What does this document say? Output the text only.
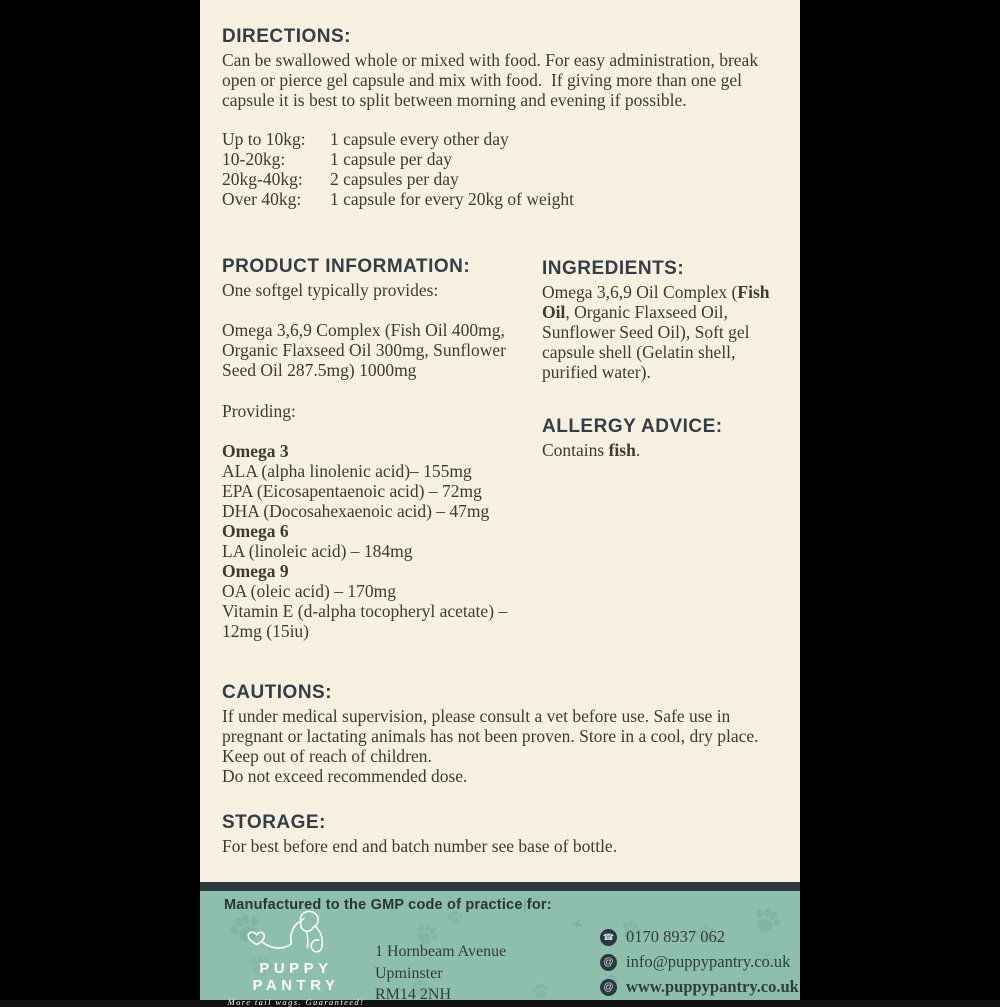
DIRECTIONS:

Can be swallowed whole or mixed with food. For easy administration, break open or pierce gel capsule and mix with food.  If giving more than one gel capsule it is best to split between morning and evening if possible.

Up to 10kg:	1 capsule every other day
10-20kg:	1 capsule per day
20kg-40kg:	2 capsules per day
Over 40kg:	1 capsule for every 20kg of weight
PRODUCT INFORMATION:

One softgel typically provides:

Omega 3,6,9 Complex (Fish Oil 400mg, Organic Flaxseed Oil 300mg, Sunflower Seed Oil 287.5mg) 1000mg

Providing:

Omega 3
ALA (alpha linolenic acid)– 155mg
EPA (Eicosapentaenoic acid) – 72mg
DHA (Docosahexaenoic acid) – 47mg
Omega 6
LA (linoleic acid) – 184mg
Omega 9
OA (oleic acid) – 170mg
Vitamin E (d-alpha tocopheryl acetate) – 12mg (15iu)
INGREDIENTS:

Omega 3,6,9 Oil Complex (Fish Oil, Organic Flaxseed Oil, Sunflower Seed Oil), Soft gel capsule shell (Gelatin shell, purified water).

ALLERGY ADVICE:

Contains fish.

CAUTIONS:

If under medical supervision, please consult a vet before use. Safe use in pregnant or lactating animals has not been proven. Store in a cool, dry place. Keep out of reach of children.

Do not exceed recommended dose.

STORAGE:

For best before end and batch number see base of bottle.

Manufactured to the GMP code of practice for:
PUPPY PANTRY
More tail wags. Guaranteed!
1 Hornbeam Avenue
Upminster
RM14 2NH
☎ 0170 8937 062
@ info@puppypantry.co.uk
@ www.puppypantry.co.uk
